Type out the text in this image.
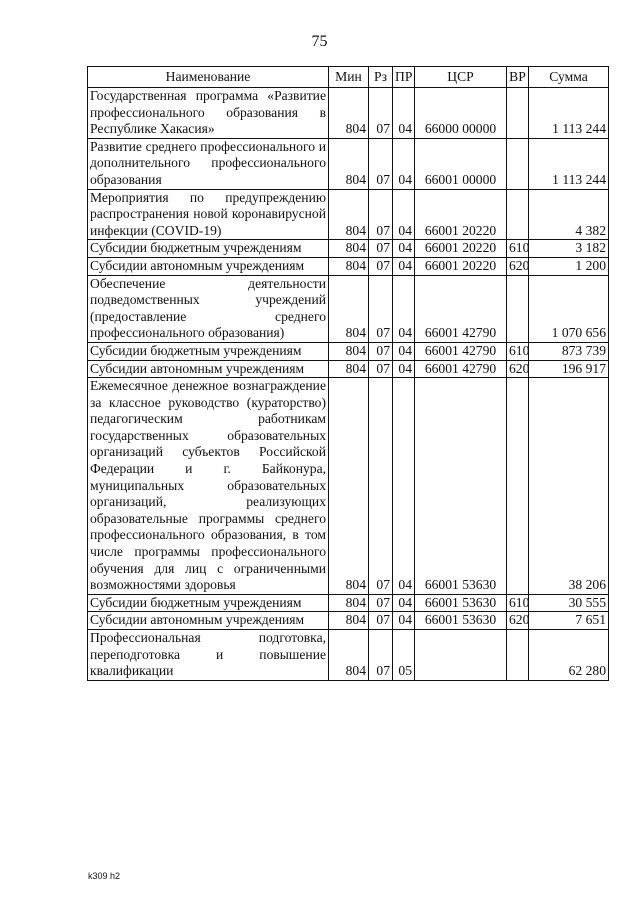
75
Наименование	Мин	Рз	ПР	ЦСР	ВР	Сумма
Государственная программа «Развитие профессионального образования в Республике Хакасия»	804	07	04	66000 00000		1 113 244
Развитие среднего профессионального и дополнительного профессионального образования	804	07	04	66001 00000		1 113 244
Мероприятия по предупреждению распространения новой коронавирусной инфекции (COVID-19)	804	07	04	66001 20220		4 382
Субсидии бюджетным учреждениям	804	07	04	66001 20220	610	3 182
Субсидии автономным учреждениям	804	07	04	66001 20220	620	1 200
Обеспечение деятельности подведомственных учреждений (предоставление среднего профессионального образования)	804	07	04	66001 42790		1 070 656
Субсидии бюджетным учреждениям	804	07	04	66001 42790	610	873 739
Субсидии автономным учреждениям	804	07	04	66001 42790	620	196 917
Ежемесячное денежное вознаграждение за классное руководство (кураторство) педагогическим работникам государственных образовательных организаций субъектов Российской Федерации и г. Байконура, муниципальных образовательных организаций, реализующих образовательные программы среднего профессионального образования, в том числе программы профессионального обучения для лиц с ограниченными возможностями здоровья	804	07	04	66001 53630		38 206
Субсидии бюджетным учреждениям	804	07	04	66001 53630	610	30 555
Субсидии автономным учреждениям	804	07	04	66001 53630	620	7 651
Профессиональная подготовка, переподготовка и повышение квалификации	804	07	05			62 280
k309 h2
